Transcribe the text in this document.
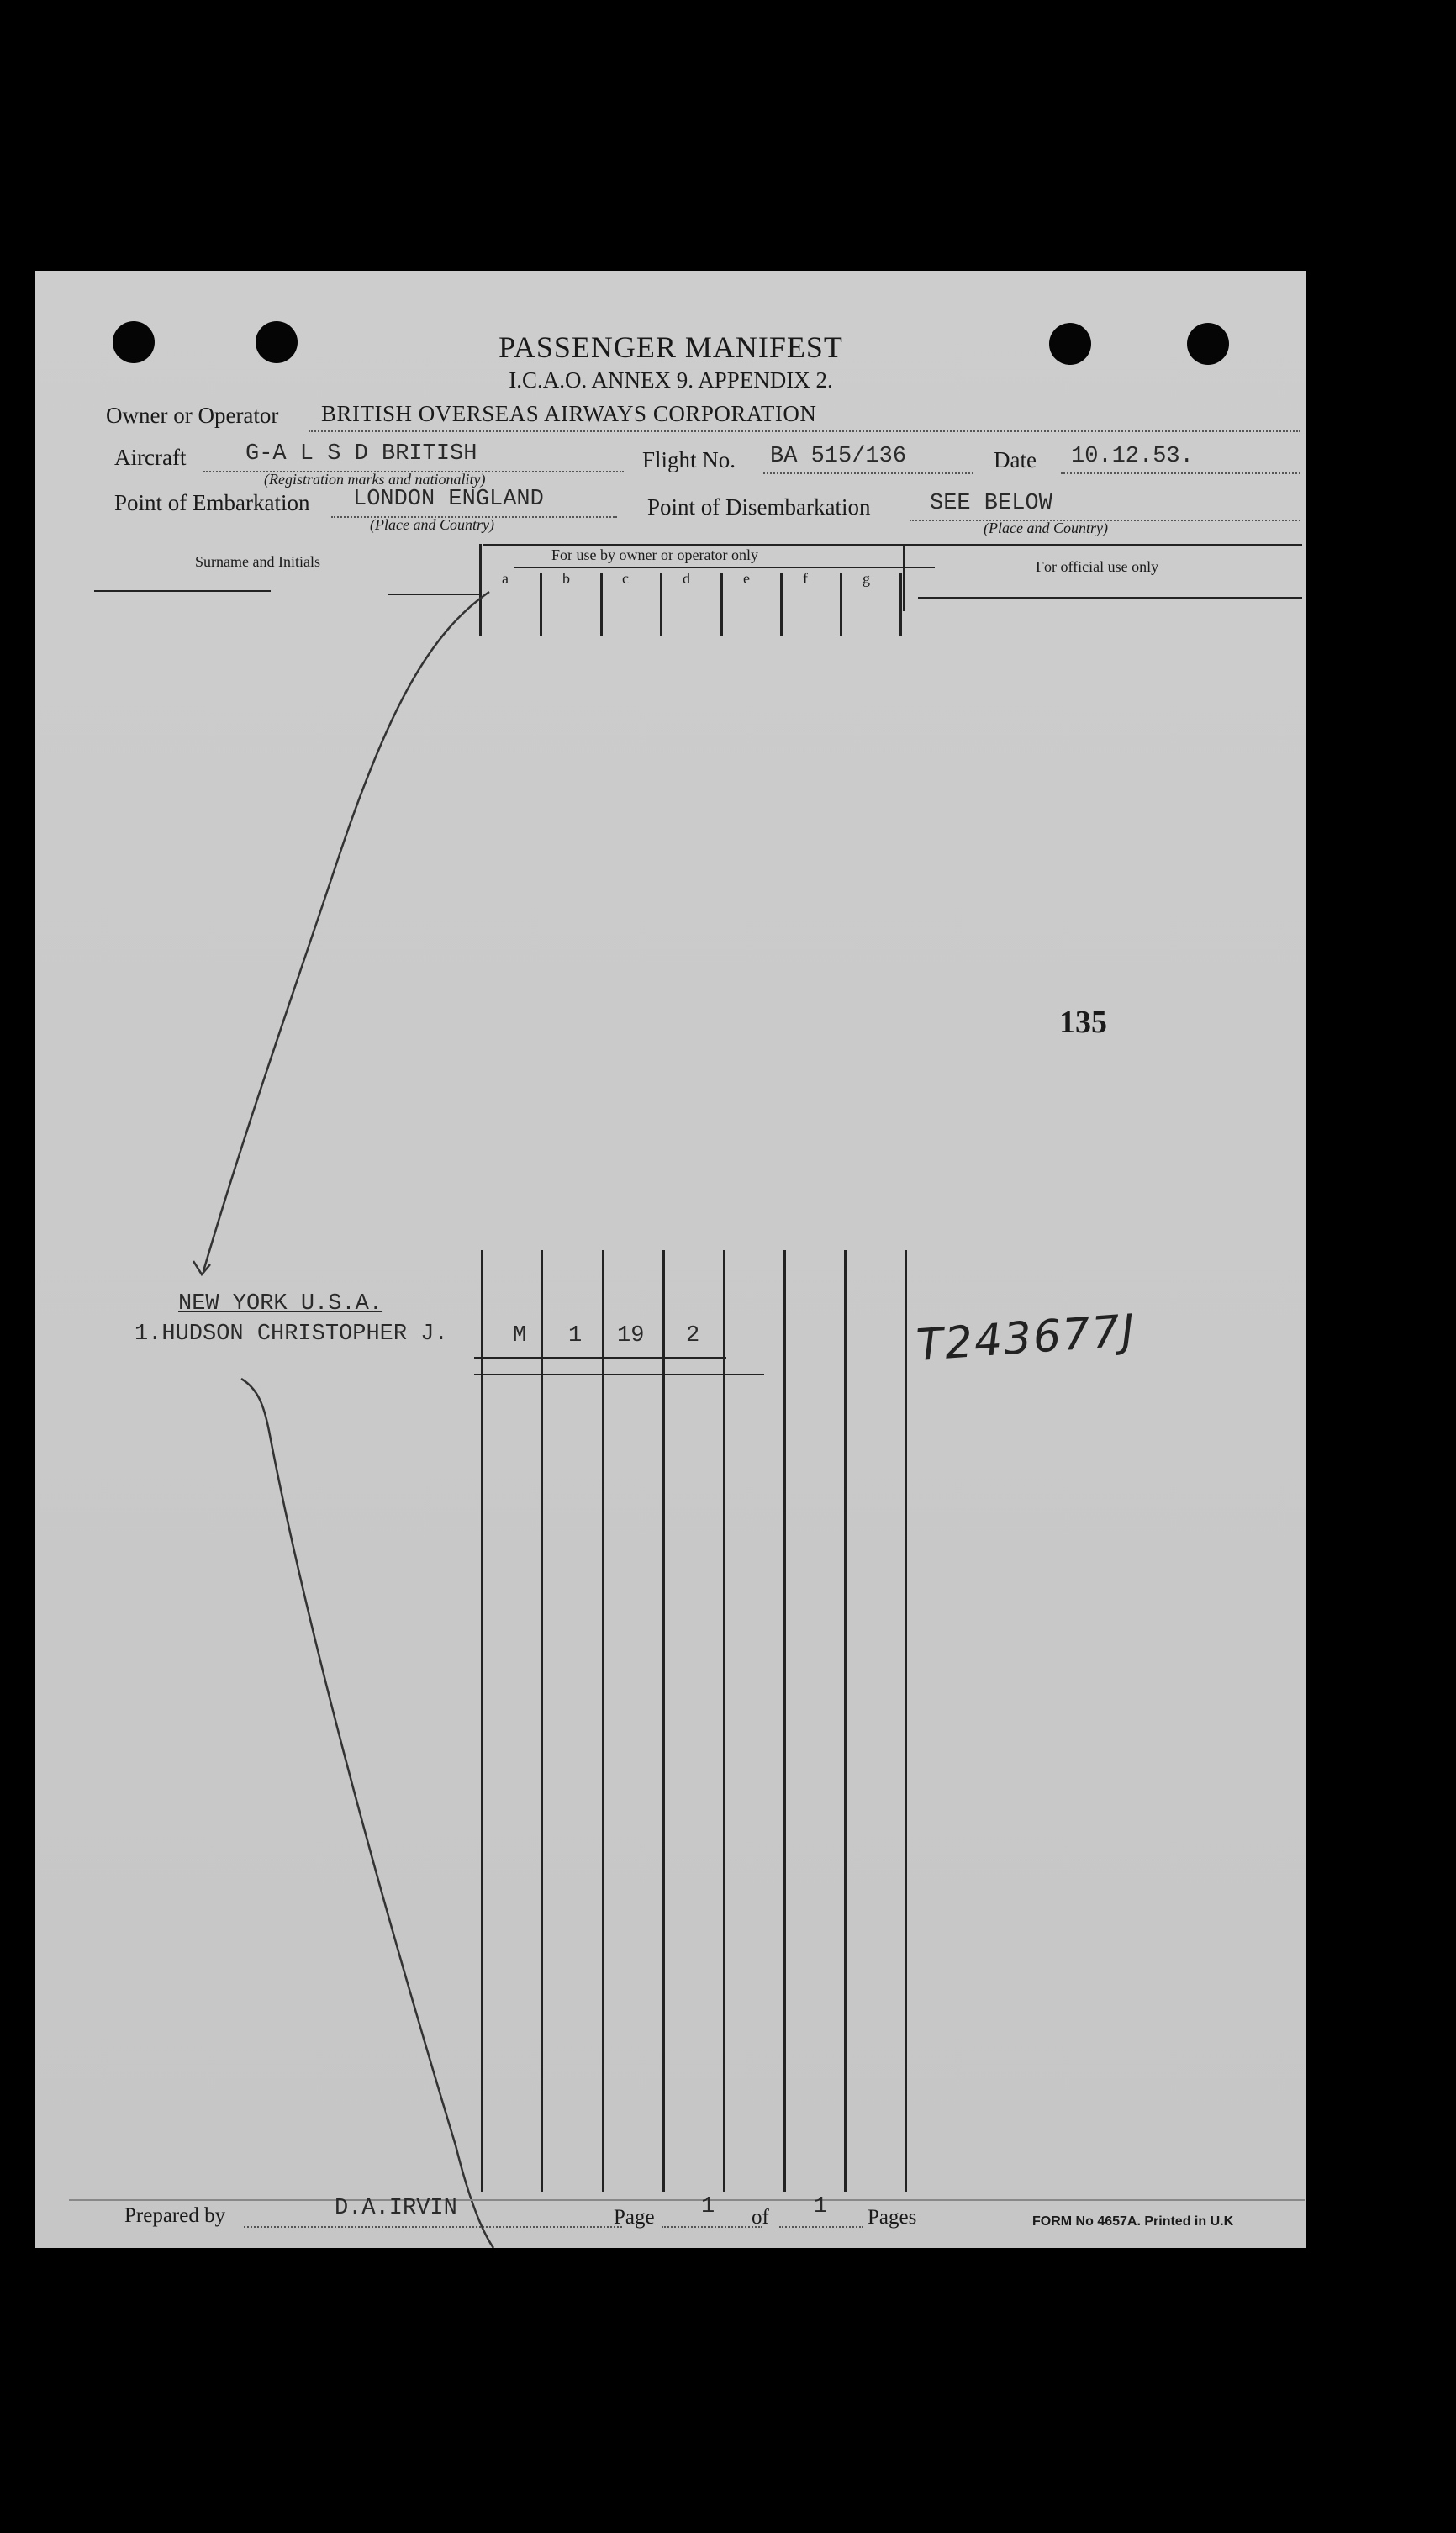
PASSENGER MANIFEST
I.C.A.O. ANNEX 9. APPENDIX 2.
Owner or Operator BRITISH OVERSEAS AIRWAYS CORPORATION
Aircraft	G-A L S D BRITISH
(Registration marks and nationality)
Flight No. BA 515/136	Date 10.12.53.
Point of Embarkation LONDON ENGLAND
(Place and Country)
Point of Disembarkation	SEE BELOW
(Place and Country)
Surname and Initials	For use by owner or operator only
For official use only
a	b	c	d	e	f	g
135
NEW YORK U.S.A.
1.HUDSON CHRISTOPHER J.	M 1 19 2	T243677J
Prepared by	D.A.IRVIN	Page 1 of 1 Pages	FORM No 4657A. Printed in U.K
